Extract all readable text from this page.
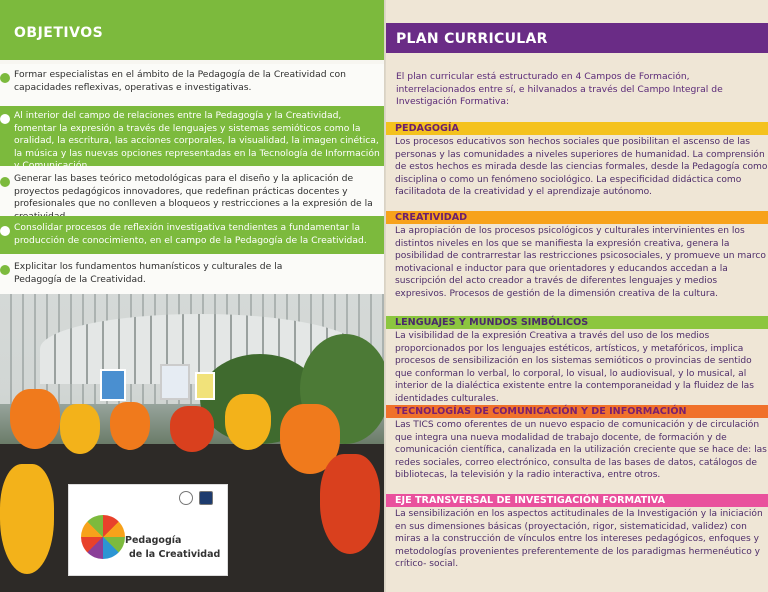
OBJETIVOS
Formar especialistas en el ámbito de la Pedagogía de la Creatividad con capacidades reflexivas, operativas e investigativas.
Al interior del campo de relaciones entre la Pedagogía y la Creatividad, fomentar la expresión a través de lenguajes y sistemas semióticos como la oralidad, la escritura, las acciones corporales, la visualidad, la imagen cinética, la música y las nuevas opciones representadas en la Tecnología de Información
Generar las bases teórico metodológicas para el diseño y la aplicación de proyectos pedagógicos innovadores, que redefinan prácticas docentes y profesionales que no conlleven a bloqueos y restricciones a la expresión de la
Consolidar procesos de reflexión investigativa tendientes a fundamentar la producción de conocimiento, en el campo de la Pedagogía de la Creatividad.
Explicitar los fundamentos humanísticos y culturales de la Pedagogía de la Creatividad.
Pedagogía
de la Creatividad
PLAN CURRICULAR
El plan curricular está estructurado en 4 Campos de Formación, interrelacionados entre sí, e hilvanados a través del Campo Integral de Investigación Formativa:
PEDAGOGÍA
Los procesos educativos son hechos sociales que posibilitan el ascenso de las personas y las comunidades a niveles superiores de humanidad. La comprensión de estos hechos es mirada desde las ciencias formales, desde la Pedagogía como disciplina o como un fenómeno sociológico. La especificidad didáctica como facilitadota de la creatividad y el aprendizaje autónomo.
CREATIVIDAD
La apropiación de los procesos psicológicos y culturales intervinientes en los distintos niveles en los que se manifiesta la expresión creativa, genera la posibilidad de contrarrestar las restricciones psicosociales, y promueve un marco motivacional e inductor para que orientadores y educandos accedan a la suscripción del acto creador a través de diferentes lenguajes y medios expresivos. Procesos de gestión de la dimensión creativa de la cultura.
LENGUAJES Y MUNDOS SIMBÓLICOS
La visibilidad de la expresión Creativa a través del uso de los medios proporcionados por los lenguajes estéticos, artísticos, y metafóricos, implica procesos de sensibilización en los sistemas semióticos o provincias de sentido que conforman lo verbal, lo corporal, lo visual, lo audiovisual, y lo musical, al interior de la dialéctica existente entre la contemporaneidad y la fluidez de las identidades culturales.
TECNOLOGÍAS DE COMUNICACIÓN Y DE INFORMACIÓN
Las TICS como oferentes de un nuevo espacio de comunicación y de circulación que integra una nueva modalidad de trabajo docente, de formación y de comunicación científica, canalizada en la utilización creciente que se hace de: las redes sociales, correo electrónico, consulta de las bases de datos, catálogos de bibliotecas, la televisión y la radio interactiva, entre otros.
EJE TRANSVERSAL DE INVESTIGACIÓN FORMATIVA
La sensibilización en los aspectos actitudinales de la Investigación y la iniciación en sus dimensiones básicas (proyectación, rigor, sistematicidad, validez) con miras a la construcción de vínculos entre los intereses pedagógicos, enfoques y metodologías provenientes preferentemente de los paradigmas hermenéutico y crítico- social.
